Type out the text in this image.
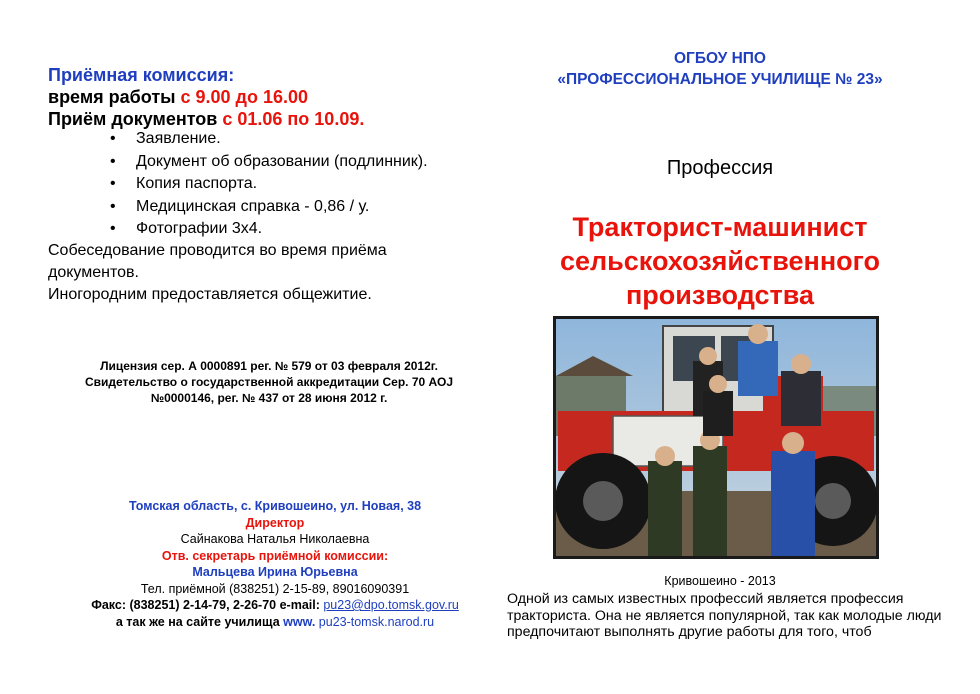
Приёмная комиссия:
время работы с 9.00 до 16.00
Приём документов с 01.06 по 10.09.
• Заявление.
• Документ об образовании (подлинник).
• Копия паспорта.
• Медицинская справка - 0,86 / у.
• Фотографии 3х4.
Собеседование проводится во время приёма документов.
Иногородним предоставляется общежитие.
Лицензия сер. А 0000891 рег. № 579 от 03 февраля 2012г.
Свидетельство о государственной аккредитации Сер. 70 АОЈ №0000146, рег. № 437 от 28 июня 2012 г.
Томская область, с. Кривошеино, ул. Новая, 38
Директор
Сайнакова Наталья Николаевна
Отв. секретарь приёмной комиссии:
Мальцева Ирина Юрьевна
Тел. приёмной (838251) 2-15-89, 89016090391
Факс: (838251) 2-14-79, 2-26-70 e-mail: pu23@dpo.tomsk.gov.ru
а так же на сайте училища www. pu23-tomsk.narod.ru
ОГБОУ НПО
«ПРОФЕССИОНАЛЬНОЕ УЧИЛИЩЕ № 23»
Профессия
Тракторист-машинист
сельскохозяйственного
производства
Кривошеино - 2013
Одной из самых известных профессий является профессия тракториста. Она не является популярной, так как молодые люди предпочитают выполнять другие работы для того, чтоб
